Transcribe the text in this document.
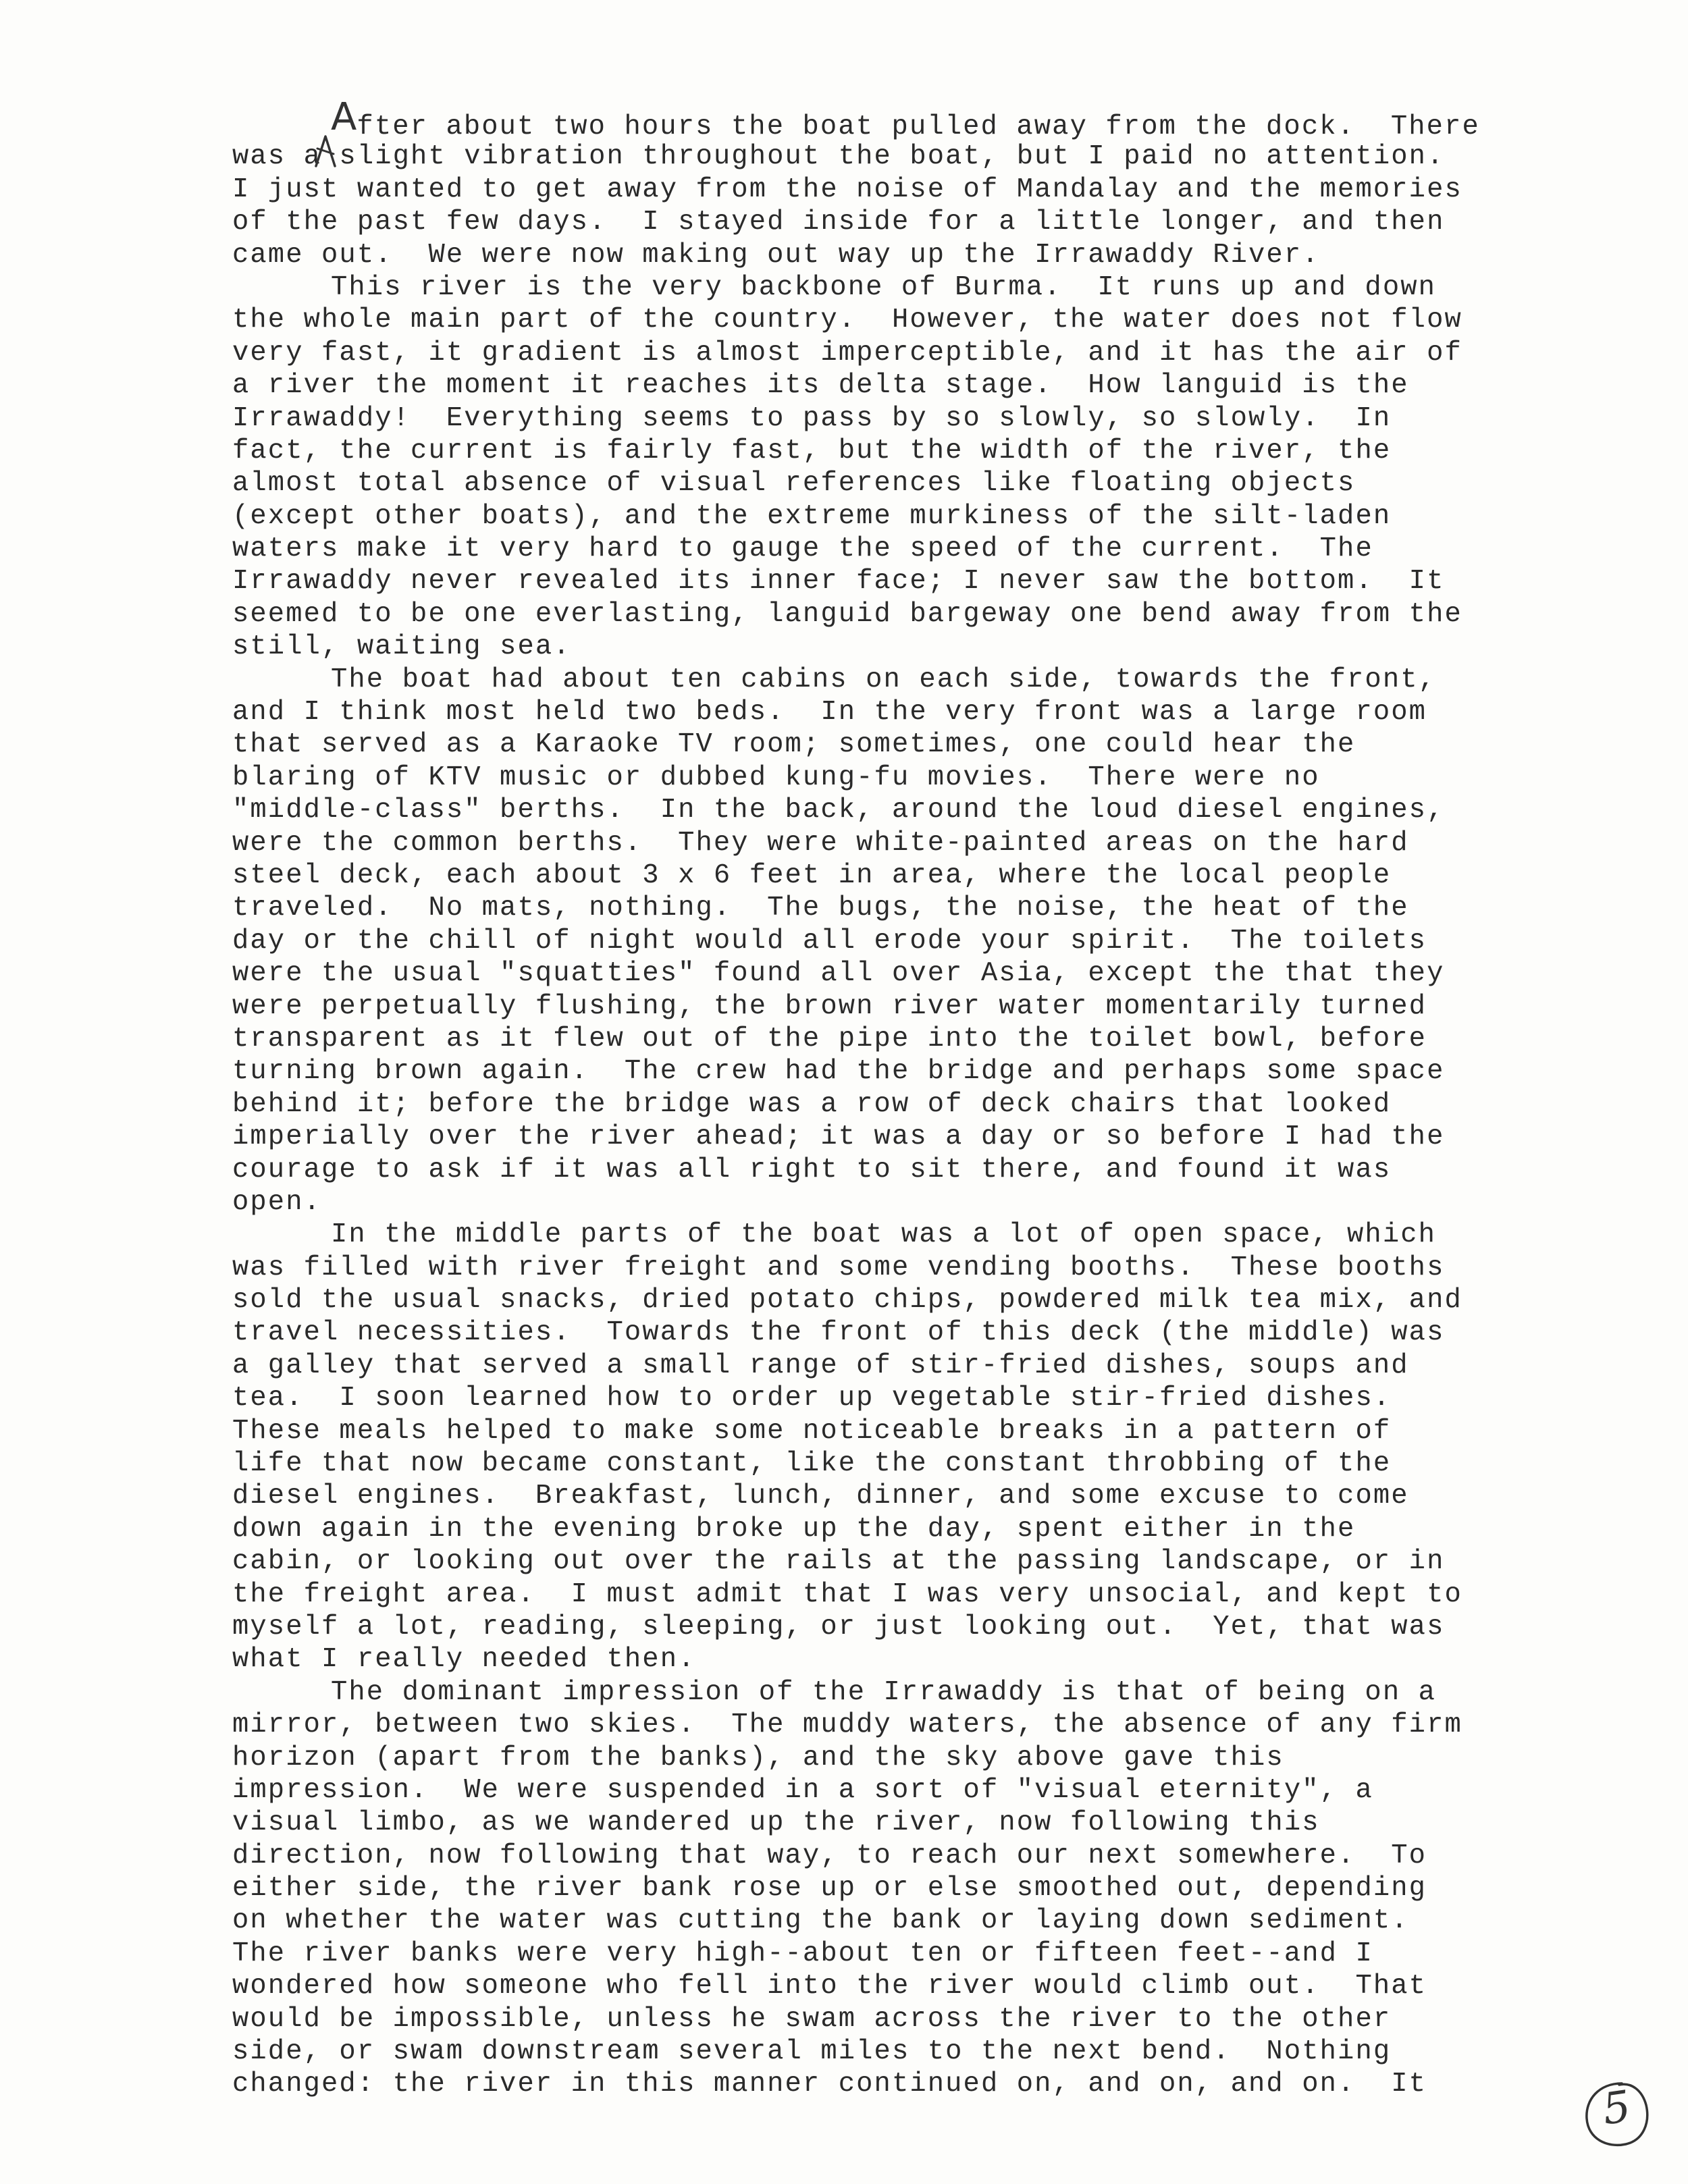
After about two hours the boat pulled away from the dock.  There
was a slight vibration throughout the boat, but I paid no attention.
I just wanted to get away from the noise of Mandalay and the memories
of the past few days.  I stayed inside for a little longer, and then
came out.  We were now making out way up the Irrawaddy River.
This river is the very backbone of Burma.  It runs up and down
the whole main part of the country.  However, the water does not flow
very fast, it gradient is almost imperceptible, and it has the air of
a river the moment it reaches its delta stage.  How languid is the
Irrawaddy!  Everything seems to pass by so slowly, so slowly.  In
fact, the current is fairly fast, but the width of the river, the
almost total absence of visual references like floating objects
(except other boats), and the extreme murkiness of the silt-laden
waters make it very hard to gauge the speed of the current.  The
Irrawaddy never revealed its inner face; I never saw the bottom.  It
seemed to be one everlasting, languid bargeway one bend away from the
still, waiting sea.
The boat had about ten cabins on each side, towards the front,
and I think most held two beds.  In the very front was a large room
that served as a Karaoke TV room; sometimes, one could hear the
blaring of KTV music or dubbed kung-fu movies.  There were no
"middle-class" berths.  In the back, around the loud diesel engines,
were the common berths.  They were white-painted areas on the hard
steel deck, each about 3 x 6 feet in area, where the local people
traveled.  No mats, nothing.  The bugs, the noise, the heat of the
day or the chill of night would all erode your spirit.  The toilets
were the usual "squatties" found all over Asia, except the that they
were perpetually flushing, the brown river water momentarily turned
transparent as it flew out of the pipe into the toilet bowl, before
turning brown again.  The crew had the bridge and perhaps some space
behind it; before the bridge was a row of deck chairs that looked
imperially over the river ahead; it was a day or so before I had the
courage to ask if it was all right to sit there, and found it was
open.
In the middle parts of the boat was a lot of open space, which
was filled with river freight and some vending booths.  These booths
sold the usual snacks, dried potato chips, powdered milk tea mix, and
travel necessities.  Towards the front of this deck (the middle) was
a galley that served a small range of stir-fried dishes, soups and
tea.  I soon learned how to order up vegetable stir-fried dishes.
These meals helped to make some noticeable breaks in a pattern of
life that now became constant, like the constant throbbing of the
diesel engines.  Breakfast, lunch, dinner, and some excuse to come
down again in the evening broke up the day, spent either in the
cabin, or looking out over the rails at the passing landscape, or in
the freight area.  I must admit that I was very unsocial, and kept to
myself a lot, reading, sleeping, or just looking out.  Yet, that was
what I really needed then.
The dominant impression of the Irrawaddy is that of being on a
mirror, between two skies.  The muddy waters, the absence of any firm
horizon (apart from the banks), and the sky above gave this
impression.  We were suspended in a sort of "visual eternity", a
visual limbo, as we wandered up the river, now following this
direction, now following that way, to reach our next somewhere.  To
either side, the river bank rose up or else smoothed out, depending
on whether the water was cutting the bank or laying down sediment.
The river banks were very high--about ten or fifteen feet--and I
wondered how someone who fell into the river would climb out.  That
would be impossible, unless he swam across the river to the other
side, or swam downstream several miles to the next bend.  Nothing
changed: the river in this manner continued on, and on, and on.  It	5
